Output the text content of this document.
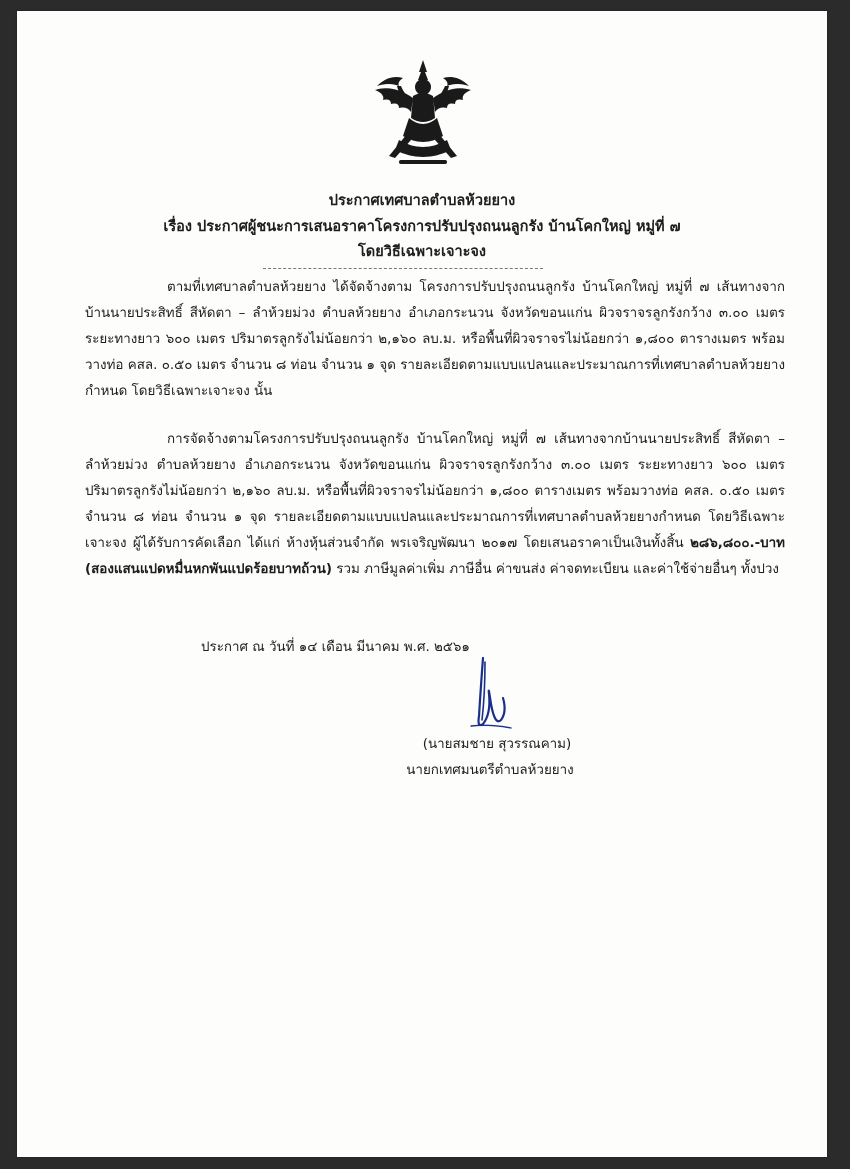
ประกาศเทศบาลตำบลห้วยยาง
เรื่อง ประกาศผู้ชนะการเสนอราคาโครงการปรับปรุงถนนลูกรัง บ้านโคกใหญ่ หมู่ที่ ๗
โดยวิธีเฉพาะเจาะจง

ตามที่เทศบาลตำบลห้วยยาง ได้จัดจ้างตาม โครงการปรับปรุงถนนลูกรัง บ้านโคกใหญ่ หมู่ที่ ๗ เส้นทางจากบ้านนายประสิทธิ์ สีหัดตา – ลำห้วยม่วง ตำบลห้วยยาง อำเภอกระนวน จังหวัดขอนแก่น ผิวจราจรลูกรังกว้าง ๓.๐๐ เมตร ระยะทางยาว ๖๐๐ เมตร ปริมาตรลูกรังไม่น้อยกว่า ๒,๑๖๐ ลบ.ม. หรือพื้นที่ผิวจราจรไม่น้อยกว่า ๑,๘๐๐ ตารางเมตร พร้อมวางท่อ คสล. ๐.๕๐ เมตร จำนวน ๘ ท่อน จำนวน ๑ จุด รายละเอียดตามแบบแปลนและประมาณการที่เทศบาลตำบลห้วยยางกำหนด โดยวิธีเฉพาะเจาะจง นั้น

การจัดจ้างตามโครงการปรับปรุงถนนลูกรัง บ้านโคกใหญ่ หมู่ที่ ๗ เส้นทางจากบ้านนายประสิทธิ์ สีหัดตา – ลำห้วยม่วง ตำบลห้วยยาง อำเภอกระนวน จังหวัดขอนแก่น ผิวจราจรลูกรังกว้าง ๓.๐๐ เมตร ระยะทางยาว ๖๐๐ เมตร ปริมาตรลูกรังไม่น้อยกว่า ๒,๑๖๐ ลบ.ม. หรือพื้นที่ผิวจราจรไม่น้อยกว่า ๑,๘๐๐ ตารางเมตร พร้อมวางท่อ คสล. ๐.๕๐ เมตร จำนวน ๘ ท่อน จำนวน ๑ จุด รายละเอียดตามแบบแปลนและประมาณการที่เทศบาลตำบลห้วยยางกำหนด โดยวิธีเฉพาะเจาะจง ผู้ได้รับการคัดเลือก ได้แก่ ห้างหุ้นส่วนจำกัด พรเจริญพัฒนา ๒๐๑๗ โดยเสนอราคาเป็นเงินทั้งสิ้น ๒๘๖,๘๐๐.-บาท (สองแสนแปดหมื่นหกพันแปดร้อยบาทถ้วน) รวม ภาษีมูลค่าเพิ่ม ภาษีอื่น ค่าขนส่ง ค่าจดทะเบียน และค่าใช้จ่ายอื่นๆ ทั้งปวง

ประกาศ ณ วันที่ ๑๔ เดือน มีนาคม พ.ศ. ๒๕๖๑
(นายสมชาย สุวรรณคาม)
นายกเทศมนตรีตำบลห้วยยาง
